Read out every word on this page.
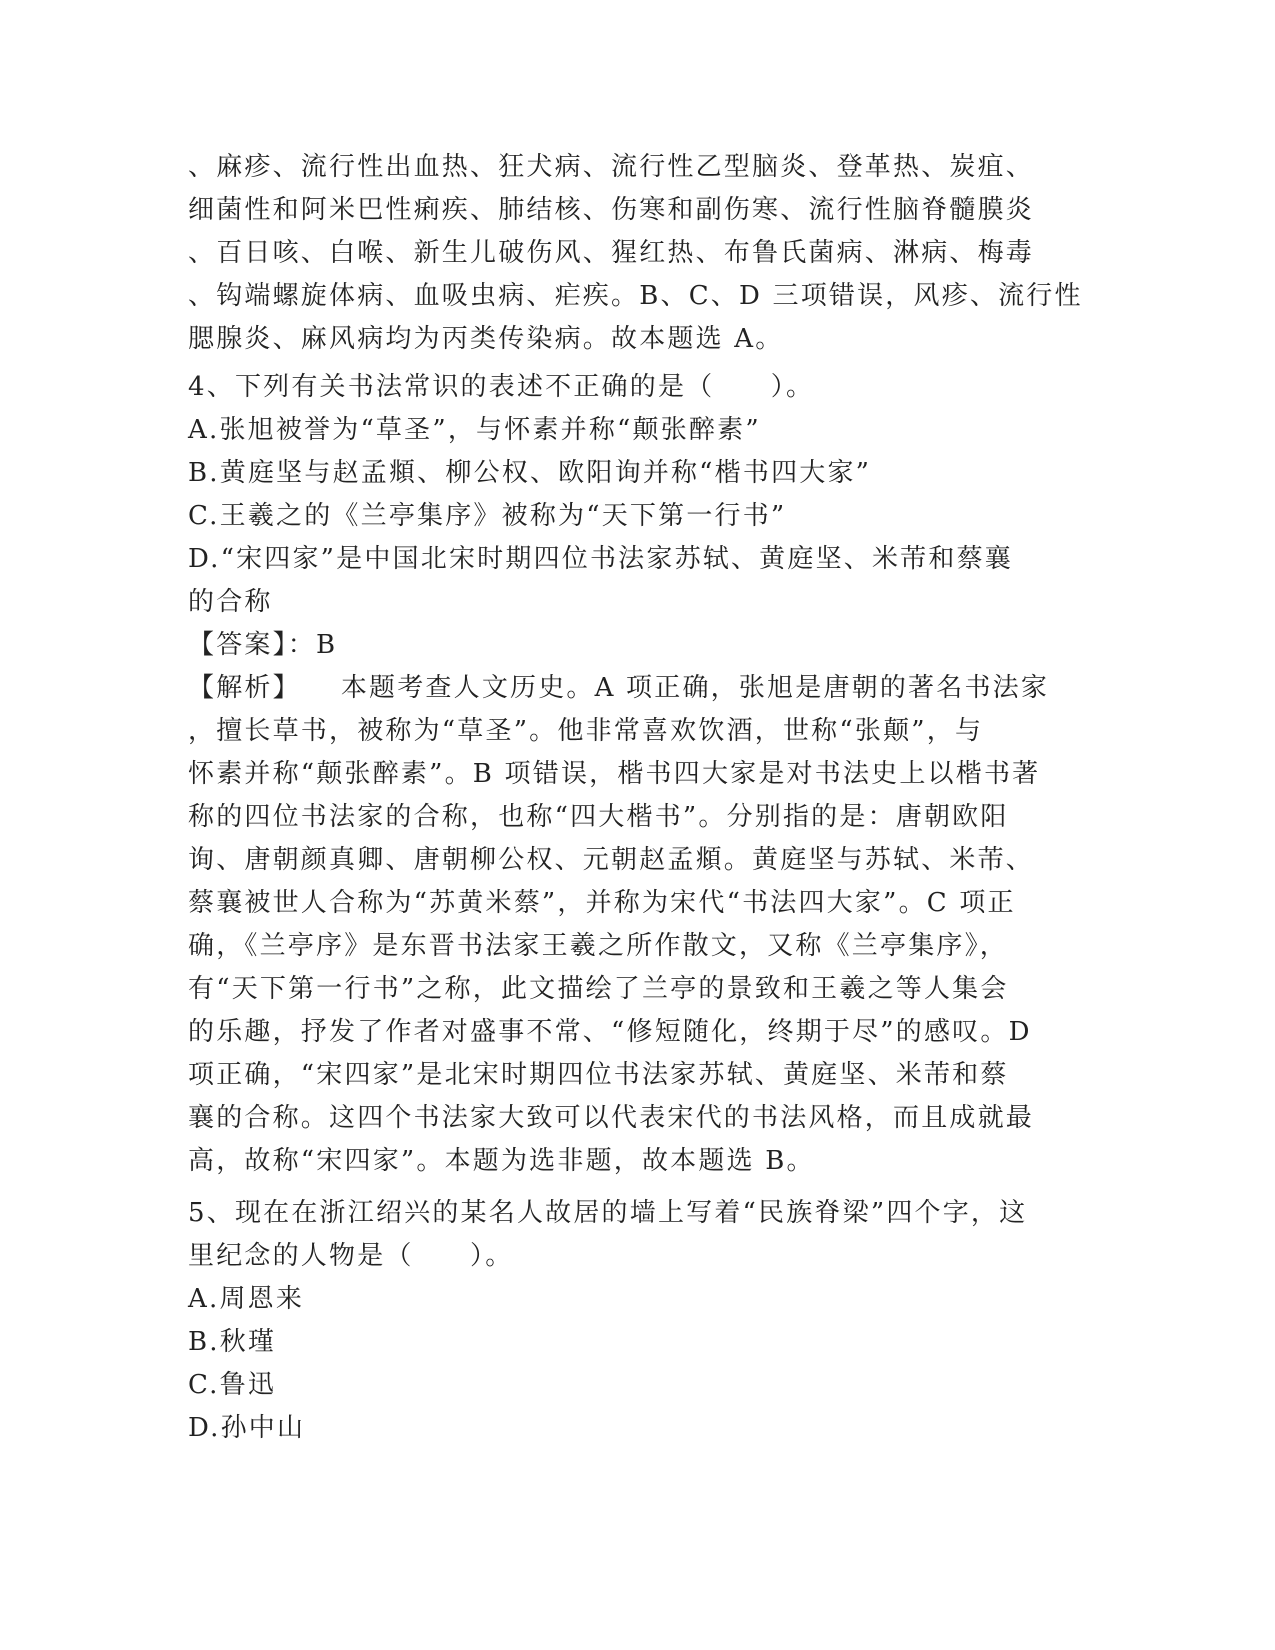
、麻疹、流行性出血热、狂犬病、流行性乙型脑炎、登革热、炭疽、
细菌性和阿米巴性痢疾、肺结核、伤寒和副伤寒、流行性脑脊髓膜炎
、百日咳、白喉、新生儿破伤风、猩红热、布鲁氏菌病、淋病、梅毒
、钩端螺旋体病、血吸虫病、疟疾。B、C、D 三项错误，风疹、流行性
腮腺炎、麻风病均为丙类传染病。故本题选 A。
4、下列有关书法常识的表述不正确的是（　　）。
A.张旭被誉为“草圣”，与怀素并称“颠张醉素”
B.黄庭坚与赵孟頫、柳公权、欧阳询并称“楷书四大家”
C.王羲之的《兰亭集序》被称为“天下第一行书”
D.“宋四家”是中国北宋时期四位书法家苏轼、黄庭坚、米芾和蔡襄
的合称
【答案】：B
【解析】 本题考查人文历史。A 项正确，张旭是唐朝的著名书法家
，擅长草书，被称为“草圣”。他非常喜欢饮酒，世称“张颠”，与
怀素并称“颠张醉素”。B 项错误，楷书四大家是对书法史上以楷书著
称的四位书法家的合称，也称“四大楷书”。分别指的是：唐朝欧阳
询、唐朝颜真卿、唐朝柳公权、元朝赵孟頫。黄庭坚与苏轼、米芾、
蔡襄被世人合称为“苏黄米蔡”，并称为宋代“书法四大家”。C 项正
确，《兰亭序》是东晋书法家王羲之所作散文，又称《兰亭集序》，
有“天下第一行书”之称，此文描绘了兰亭的景致和王羲之等人集会
的乐趣，抒发了作者对盛事不常、“修短随化，终期于尽”的感叹。D
项正确，“宋四家”是北宋时期四位书法家苏轼、黄庭坚、米芾和蔡
襄的合称。这四个书法家大致可以代表宋代的书法风格，而且成就最
高，故称“宋四家”。本题为选非题，故本题选 B。
5、现在在浙江绍兴的某名人故居的墙上写着“民族脊梁”四个字，这
里纪念的人物是（　　）。
A.周恩来
B.秋瑾
C.鲁迅
D.孙中山
